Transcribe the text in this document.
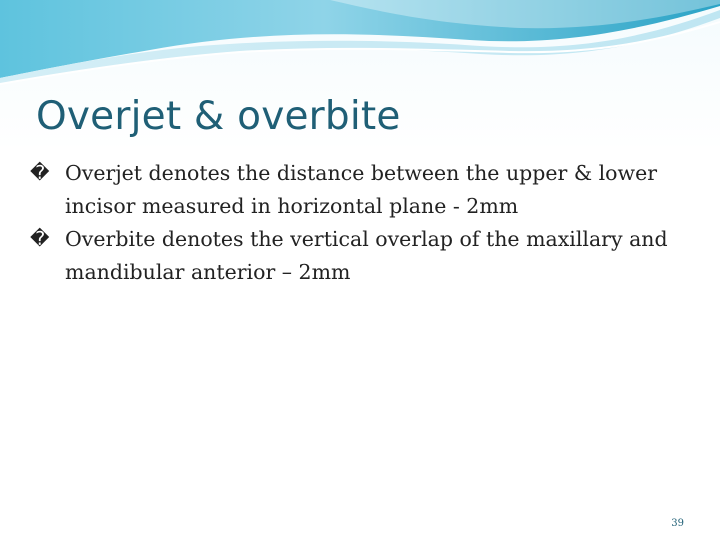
Overjet & overbite
� Overjet denotes the distance between the upper & lower incisor measured in horizontal plane - 2mm
� Overbite denotes the vertical overlap of the maxillary and mandibular anterior – 2mm
39
